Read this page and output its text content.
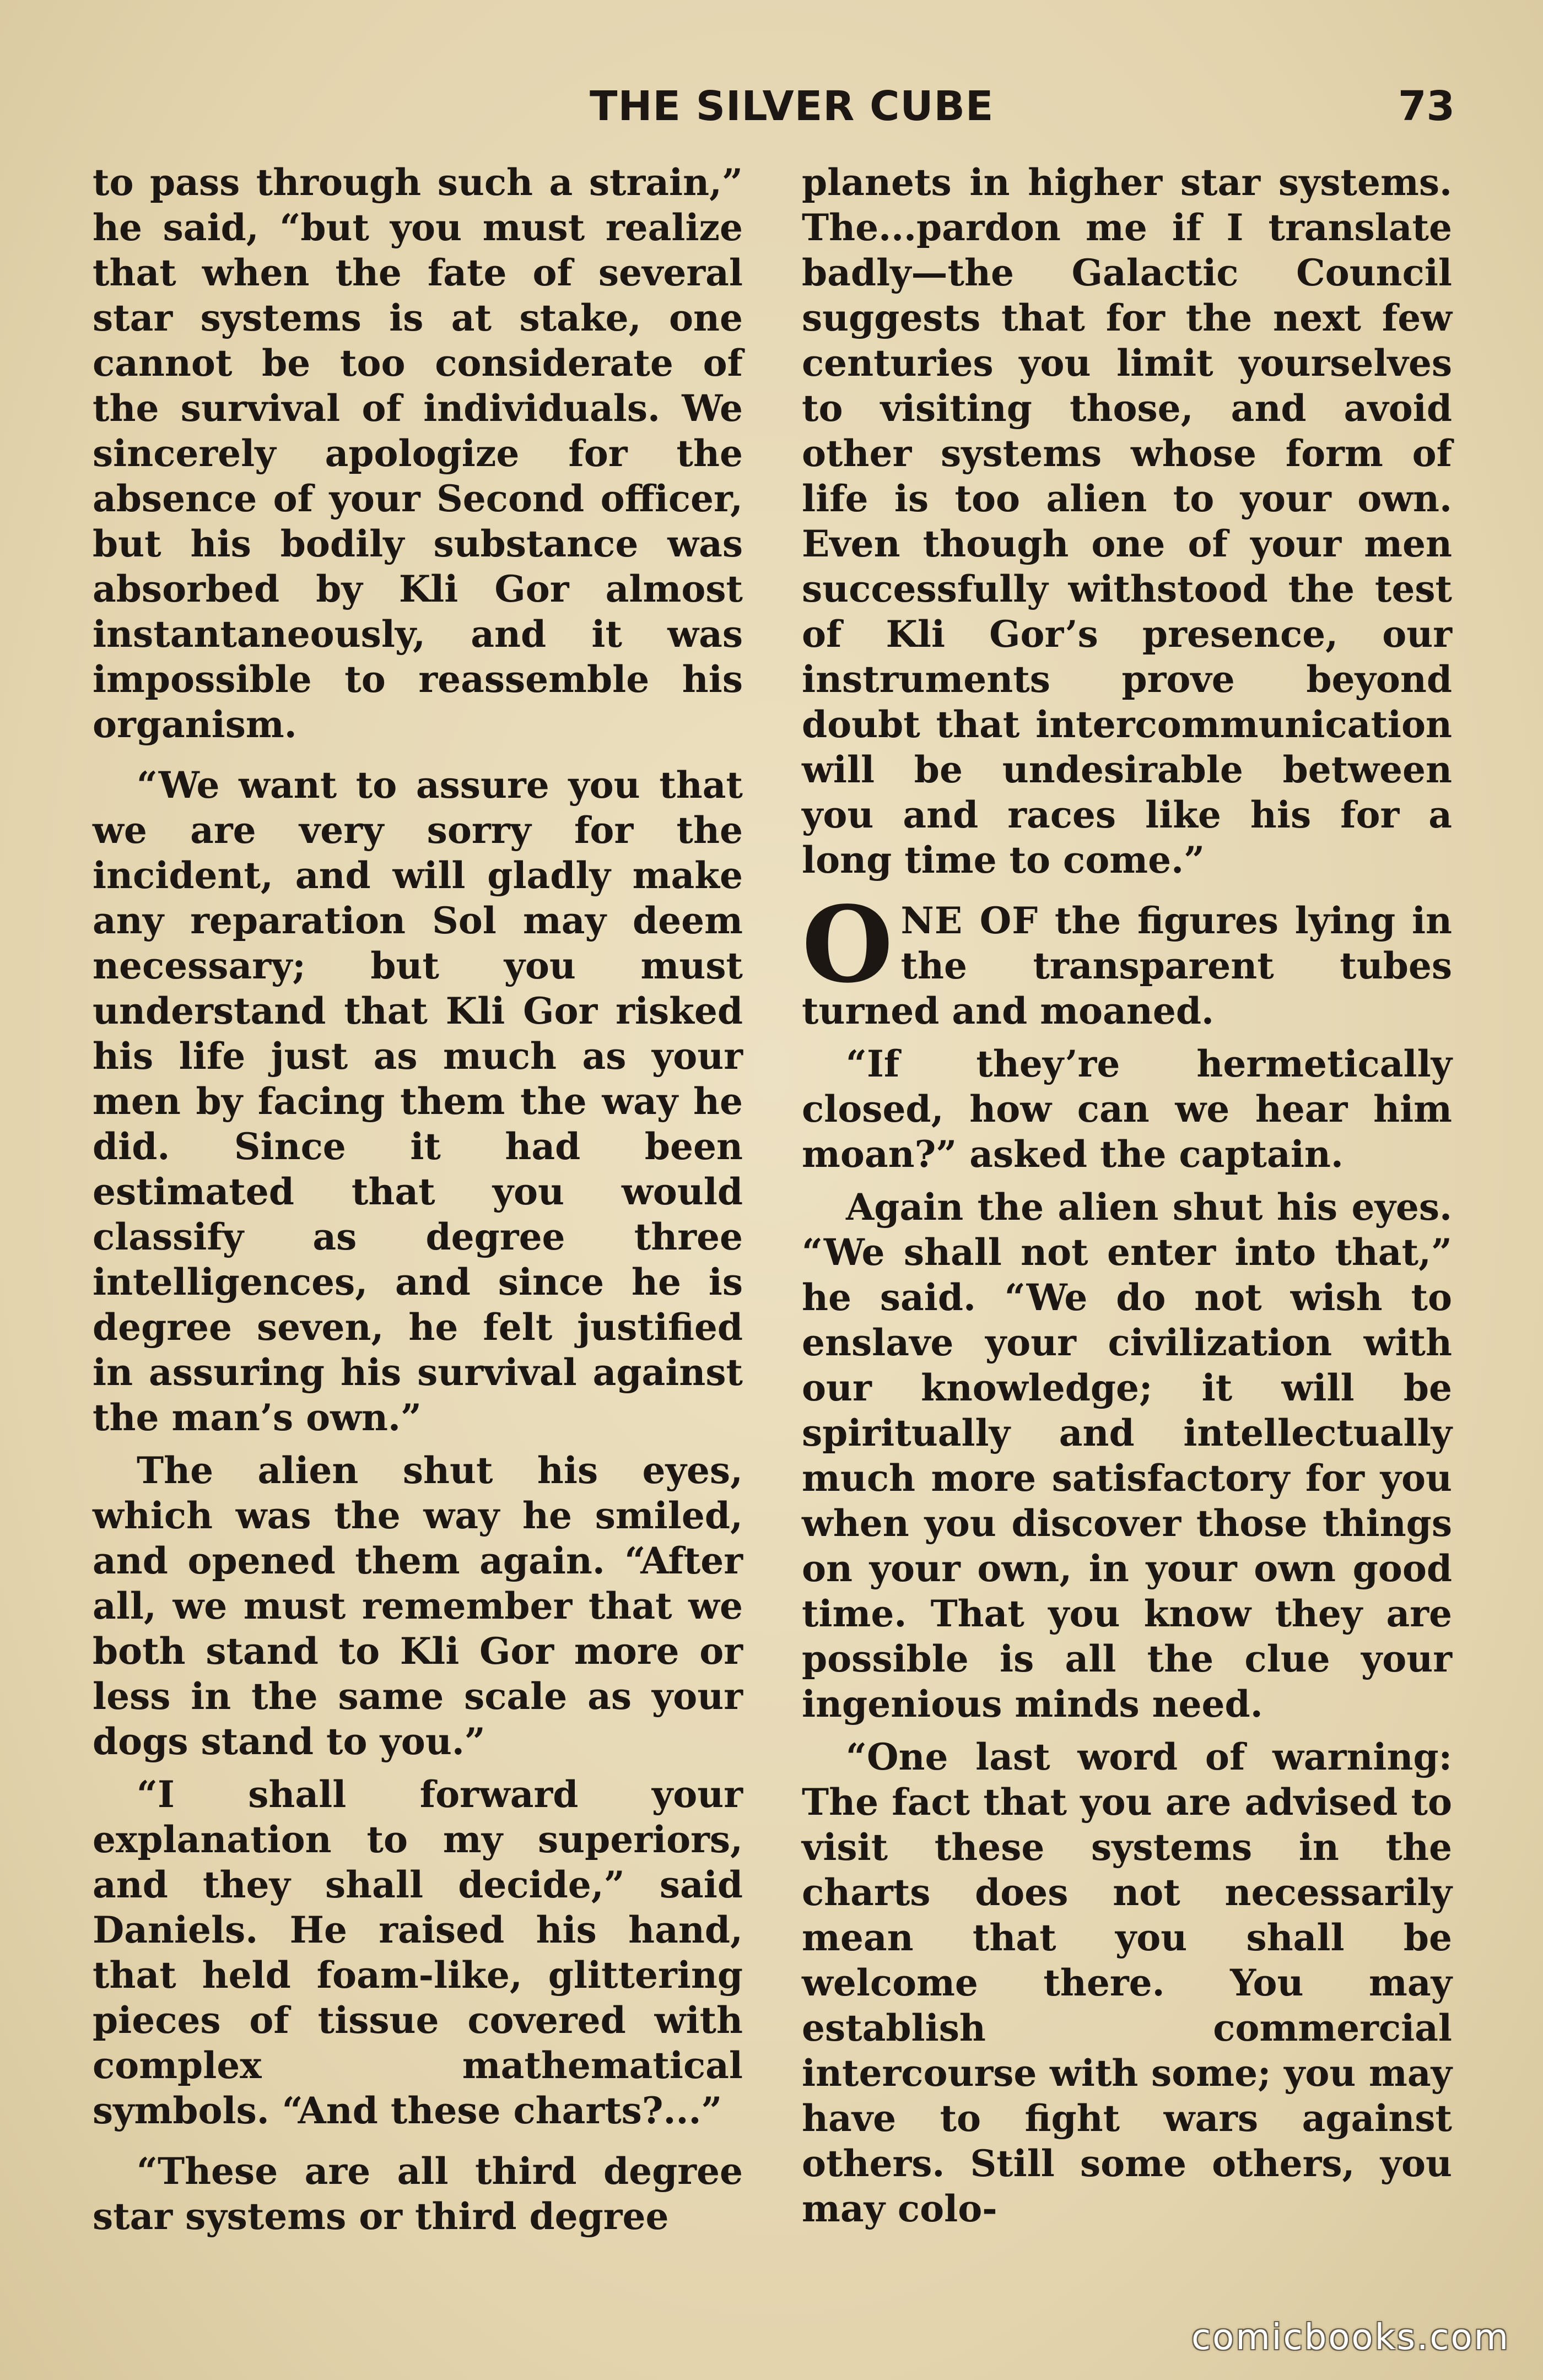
THE SILVER CUBE	73

to pass through such a strain,” he said, “but you must realize that when the fate of several star systems is at stake, one cannot be too considerate of the survival of individuals. We sincerely apologize for the absence of your Second officer, but his bodily substance was absorbed by Kli Gor almost instantaneously, and it was impossible to reassemble his organism.

“We want to assure you that we are very sorry for the incident, and will gladly make any reparation Sol may deem necessary; but you must understand that Kli Gor risked his life just as much as your men by facing them the way he did. Since it had been estimated that you would classify as degree three intelligences, and since he is degree seven, he felt justified in assuring his survival against the man’s own.”

The alien shut his eyes, which was the way he smiled, and opened them again. “After all, we must remember that we both stand to Kli Gor more or less in the same scale as your dogs stand to you.”

“I shall forward your explanation to my superiors, and they shall decide,” said Daniels. He raised his hand, that held foam-like, glittering pieces of tissue covered with complex mathematical symbols. “And these charts?...”

“These are all third degree star systems or third degree

planets in higher star systems. The...pardon me if I translate badly—the Galactic Council suggests that for the next few centuries you limit yourselves to visiting those, and avoid other systems whose form of life is too alien to your own. Even though one of your men successfully withstood the test of Kli Gor’s presence, our instruments prove beyond doubt that intercommunication will be undesirable between you and races like his for a long time to come.”

ONE OF the figures lying in the transparent tubes turned and moaned.

“If they’re hermetically closed, how can we hear him moan?” asked the captain.

Again the alien shut his eyes. “We shall not enter into that,” he said. “We do not wish to enslave your civilization with our knowledge; it will be spiritually and intellectually much more satisfactory for you when you discover those things on your own, in your own good time. That you know they are possible is all the clue your ingenious minds need.

“One last word of warning: The fact that you are advised to visit these systems in the charts does not necessarily mean that you shall be welcome there. You may establish commercial intercourse with some; you may have to fight wars against others. Still some others, you may colo-

comicbooks.com
